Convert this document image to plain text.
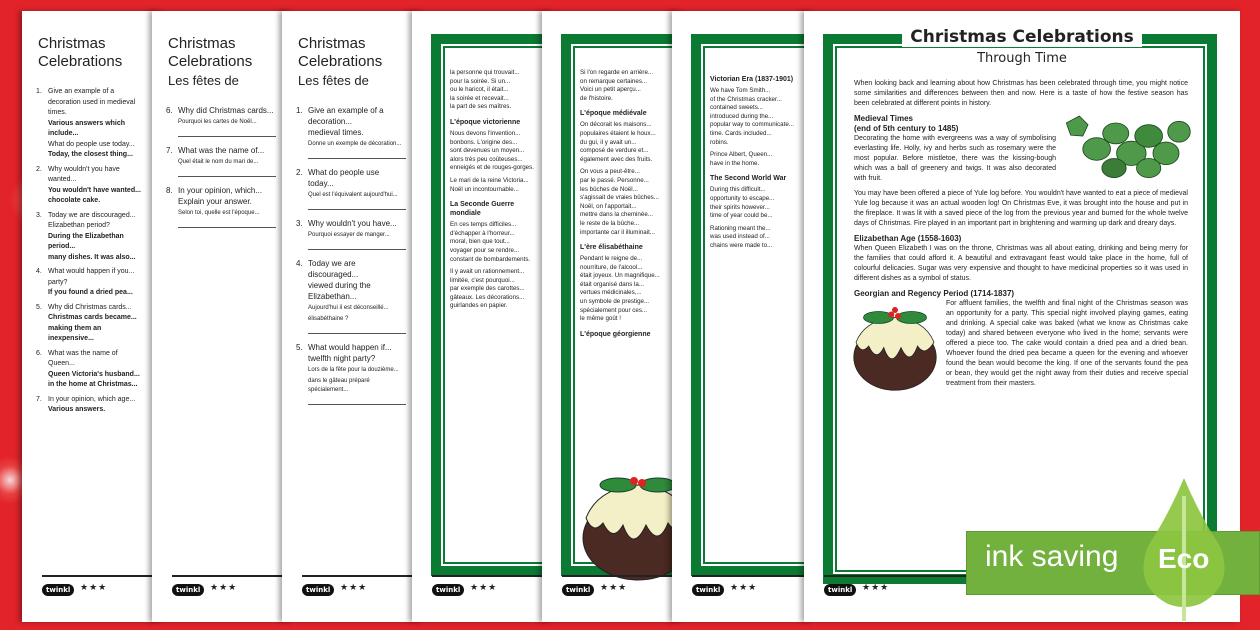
Christmas Celebrations
1. Give an example of a decoration used in medieval
times.
Various answers which include...
What do people use today...
Today, the closest thing...
2. Why wouldn't you have wanted...
You wouldn't have wanted...
chocolate cake.
3. Today we are discouraged...
Elizabethan period?
During the Elizabethan period...
many dishes. It was also...
4. What would happen if you...
party?
If you found a dried pea...
5. Why did Christmas cards...
Christmas cards became...
making them an inexpensive...
6. What was the name of Queen...
Queen Victoria's husband...
in the home at Christmas...
7. In your opinion, which age...
Various answers.
twinkl	★★★
Christmas Celebrations
Les fêtes de
6. Why did Christmas cards...
Pourquoi les cartes de Noël...
7. What was the name of...
Quel était le nom du mari de...
8. In your opinion, which...
Explain your answer.
Selon toi, quelle est l'époque...
twinkl	★★★
Christmas Celebrations
Les fêtes de
1. Give an example of a decoration...
medieval times.
Donne un exemple de décoration...
2. What do people use today...
Quel est l'équivalent aujourd'hui...
3. Why wouldn't you have...
Pourquoi essayer de manger...
4. Today we are discouraged...
viewed during the Elizabethan...
Aujourd'hui il est déconseillé...
élisabéthaine ?
5. What would happen if...
twelfth night party?
Lors de la fête pour la douzième...
dans le gâteau préparé spécialement...
twinkl	★★★

la personne qui trouvait...
pour la soirée. Si un...
ou le haricot, il était...
la soirée et recevait...
la part de ses maîtres.

L'époque victorienne

Nous devons l'invention...
bonbons. L'origine des...
sont devenues un moyen...
alors très peu coûteuses...
enneigés et de rouges-gorges.

Le mari de la reine Victoria...
Noël un incontournable...

La Seconde Guerre mondiale

En ces temps difficiles...
d'échapper à l'horreur...
moral, bien que tout...
voyager pour se rendre...
constant de bombardements.

Il y avait un rationnement...
limitée, c'est pourquoi...
par exemple des carottes...
gâteaux. Les décorations...
guirlandes en papier.

twinkl	★★★

Si l'on regarde en arrière...
on remarque certaines...
Voici un petit aperçu...
de l'histoire.

L'époque médiévale

On décorait les maisons...
populaires étaient le houx...
du gui, il y avait un...
composé de verdure et...
également avec des fruits.

On vous a peut-être...
par le passé. Personne...
les bûches de Noël...
s'agissait de vraies bûches...
Noël, on l'apportait...
mettre dans la cheminée...
le reste de la bûche...
importante car il illuminait...

L'ère élisabéthaine

Pendant le reigne de...
nourriture, de l'alcool...
était joyeux. Un magnifique...
était organisé dans la...
vertues médicinales,...
un symbole de prestige...
spécialement pour ces...
le même goût !

L'époque géorgienne
twinkl	★★★
Victorian Era (1837-1901)

We have Tom Smith...
of the Christmas cracker...
contained sweets...
introduced during the...
popular way to communicate...
time. Cards included...
robins.

Prince Albert, Queen...
have in the home.

The Second World War

During this difficult...
opportunity to escape...
their spirits however...
time of year could be...

Rationing meant the...
was used instead of...
chains were made to...

twinkl	★★★
Christmas Celebrations
Through Time

When looking back and learning about how Christmas has been celebrated through time, you might notice some similarities and differences between then and now. Here is a taste of how the festive season has been celebrated at different points in history.

Medieval Times
(end of 5th century to 1485)

Decorating the home with evergreens was a way of symbolising everlasting life. Holly, ivy and herbs such as rosemary were the most popular. Before mistletoe, there was the kissing-bough which was a ball of greenery and twigs. It was also decorated with fruit.

You may have been offered a piece of Yule log before. You wouldn't have wanted to eat a piece of medieval Yule log because it was an actual wooden log! On Christmas Eve, it was brought into the house and put in the fireplace. It was lit with a saved piece of the log from the previous year and burned for the whole twelve days of Christmas. Fire played in an important part in brightening and warming up dark and dreary days.

Elizabethan Age (1558-1603)

When Queen Elizabeth I was on the throne, Christmas was all about eating, drinking and being merry for the families that could afford it. A beautiful and extravagant feast would take place in the home, full of colourful delicacies. Sugar was very expensive and thought to have medicinal properties so it was used in different dishes as a symbol of status.

Georgian and Regency Period (1714-1837)

For affluent families, the twelfth and final night of the Christmas season was an opportunity for a party. This special night involved playing games, eating and drinking. A special cake was baked (what we know as Christmas cake today) and shared between everyone who lived in the home; servants were offered a piece too. The cake would contain a dried pea and a dried bean. Whoever found the dried pea became a queen for the evening and whoever found the bean would become the king. If one of the servants found the pea or bean, they would get the night away from their duties and receive special treatment from their masters.

twinkl	★★★
ink saving Eco
